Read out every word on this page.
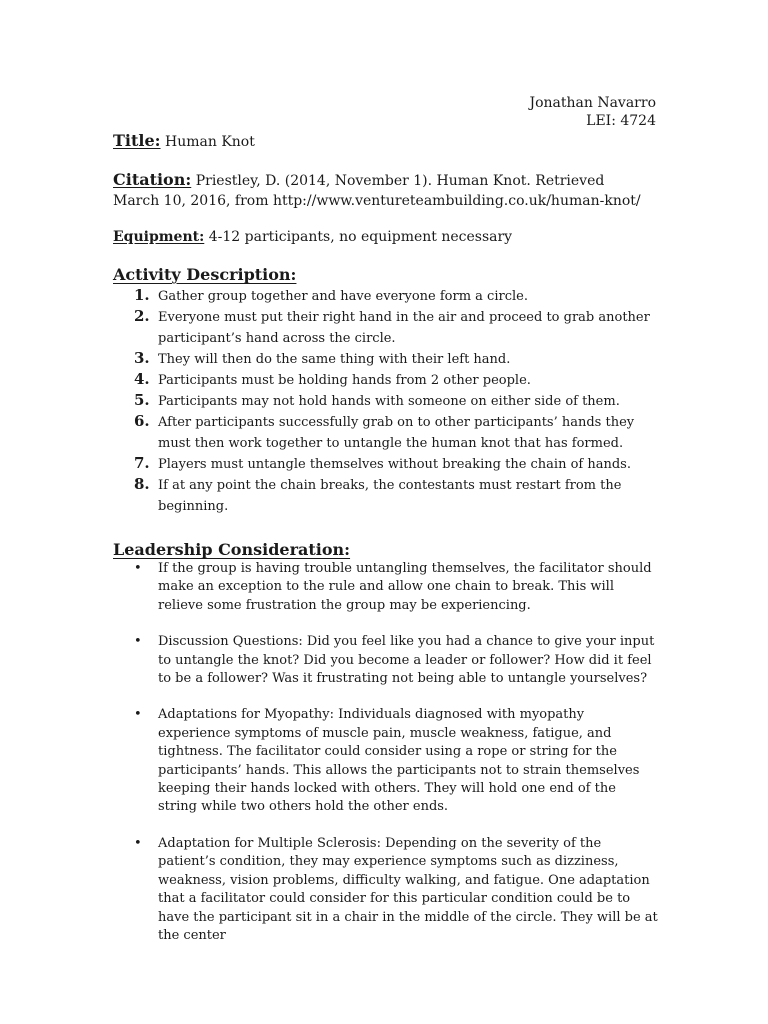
Jonathan Navarro
LEI: 4724
Title: Human Knot
Citation: Priestley, D. (2014, November 1). Human Knot. Retrieved March 10, 2016, from http://www.ventureteambuilding.co.uk/human-knot/
Equipment: 4-12 participants, no equipment necessary
Activity Description:
1. Gather group together and have everyone form a circle.
2. Everyone must put their right hand in the air and proceed to grab another participant’s hand across the circle.
3. They will then do the same thing with their left hand.
4. Participants must be holding hands from 2 other people.
5. Participants may not hold hands with someone on either side of them.
6. After participants successfully grab on to other participants’ hands they must then work together to untangle the human knot that has formed.
7. Players must untangle themselves without breaking the chain of hands.
8. If at any point the chain breaks, the contestants must restart from the beginning.
Leadership Consideration:
• If the group is having trouble untangling themselves, the facilitator should make an exception to the rule and allow one chain to break. This will relieve some frustration the group may be experiencing.
• Discussion Questions: Did you feel like you had a chance to give your input to untangle the knot? Did you become a leader or follower? How did it feel to be a follower? Was it frustrating not being able to untangle yourselves?
• Adaptations for Myopathy: Individuals diagnosed with myopathy experience symptoms of muscle pain, muscle weakness, fatigue, and tightness. The facilitator could consider using a rope or string for the participants’ hands. This allows the participants not to strain themselves keeping their hands locked with others. They will hold one end of the string while two others hold the other ends.
• Adaptation for Multiple Sclerosis: Depending on the severity of the patient’s condition, they may experience symptoms such as dizziness, weakness, vision problems, difficulty walking, and fatigue. One adaptation that a facilitator could consider for this particular condition could be to have the participant sit in a chair in the middle of the circle. They will be at the center
